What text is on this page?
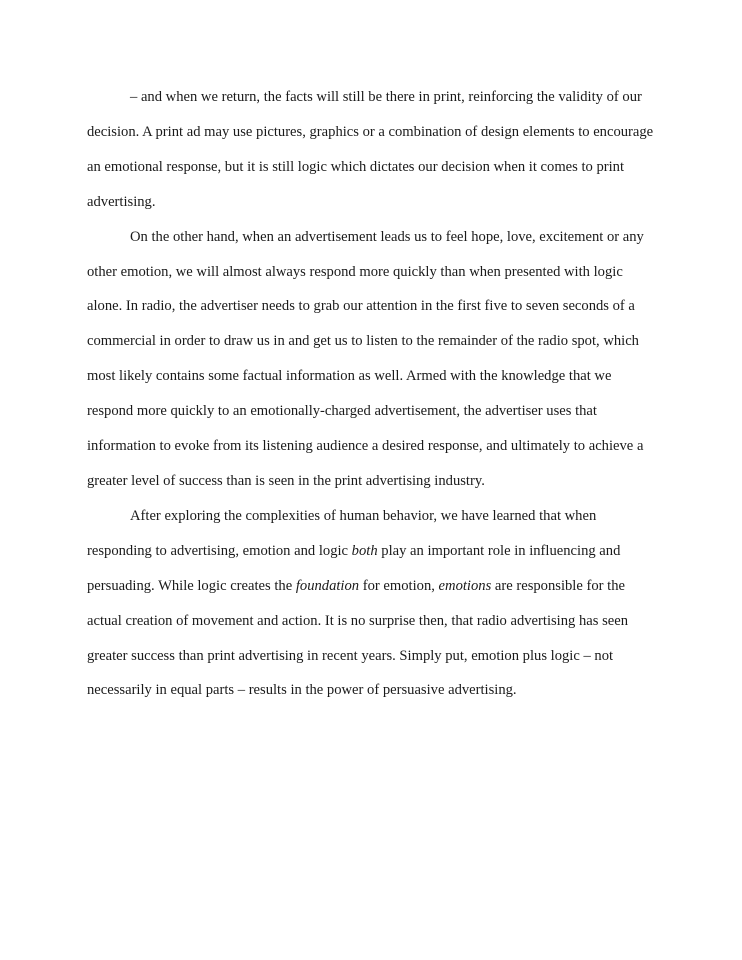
– and when we return, the facts will still be there in print, reinforcing the validity of our
decision. A print ad may use pictures, graphics or a combination of design elements to encourage
an emotional response, but it is still logic which dictates our decision when it comes to print
advertising.

On the other hand, when an advertisement leads us to feel hope, love, excitement or any
other emotion, we will almost always respond more quickly than when presented with logic
alone. In radio, the advertiser needs to grab our attention in the first five to seven seconds of a
commercial in order to draw us in and get us to listen to the remainder of the radio spot, which
most likely contains some factual information as well. Armed with the knowledge that we
respond more quickly to an emotionally-charged advertisement, the advertiser uses that
information to evoke from its listening audience a desired response, and ultimately to achieve a
greater level of success than is seen in the print advertising industry.

After exploring the complexities of human behavior, we have learned that when
responding to advertising, emotion and logic both play an important role in influencing and
persuading. While logic creates the foundation for emotion, emotions are responsible for the
actual creation of movement and action. It is no surprise then, that radio advertising has seen
greater success than print advertising in recent years. Simply put, emotion plus logic – not
necessarily in equal parts – results in the power of persuasive advertising.
